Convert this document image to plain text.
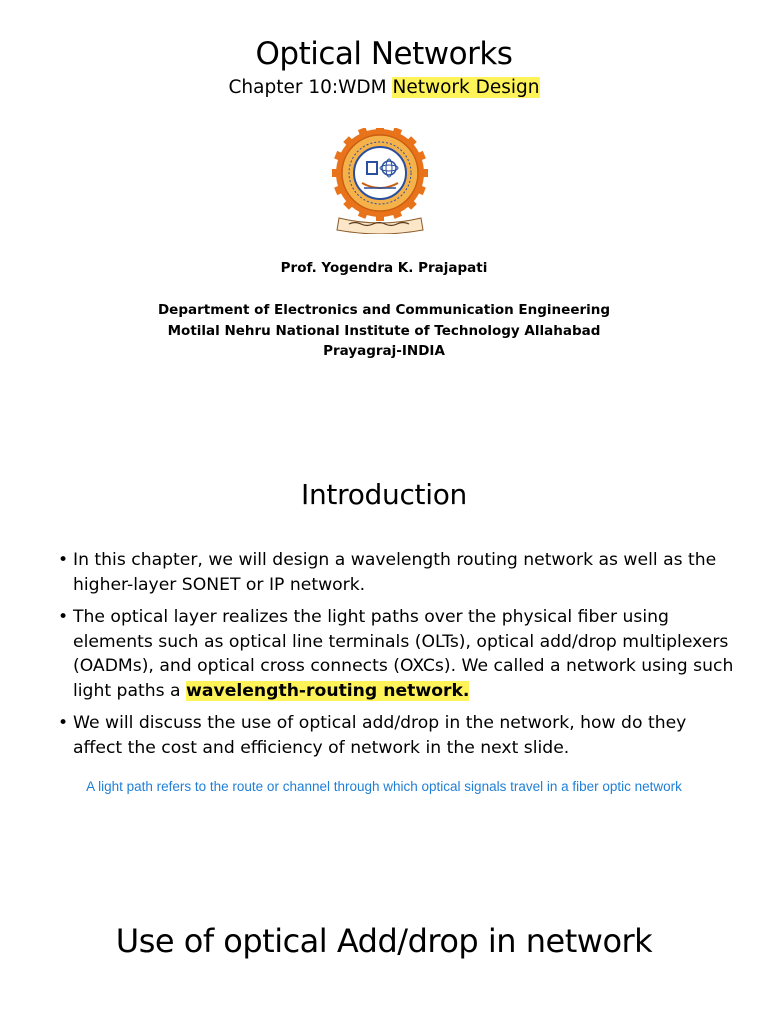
Optical Networks
Chapter 10:WDM Network Design
Prof. Yogendra K. Prajapati
Department of Electronics and Communication Engineering
Motilal Nehru National Institute of Technology Allahabad
Prayagraj-INDIA
Introduction
• In this chapter, we will design a wavelength routing network as well as the higher-layer SONET or IP network.
• The optical layer realizes the light paths over the physical fiber using elements such as optical line terminals (OLTs), optical add/drop multiplexers (OADMs), and optical cross connects (OXCs). We called a network using such light paths a wavelength-routing network.
• We will discuss the use of optical add/drop in the network, how do they affect the cost and efficiency of network in the next slide.
A light path refers to the route or channel through which optical signals travel in a fiber optic network
Use of optical Add/drop in network
